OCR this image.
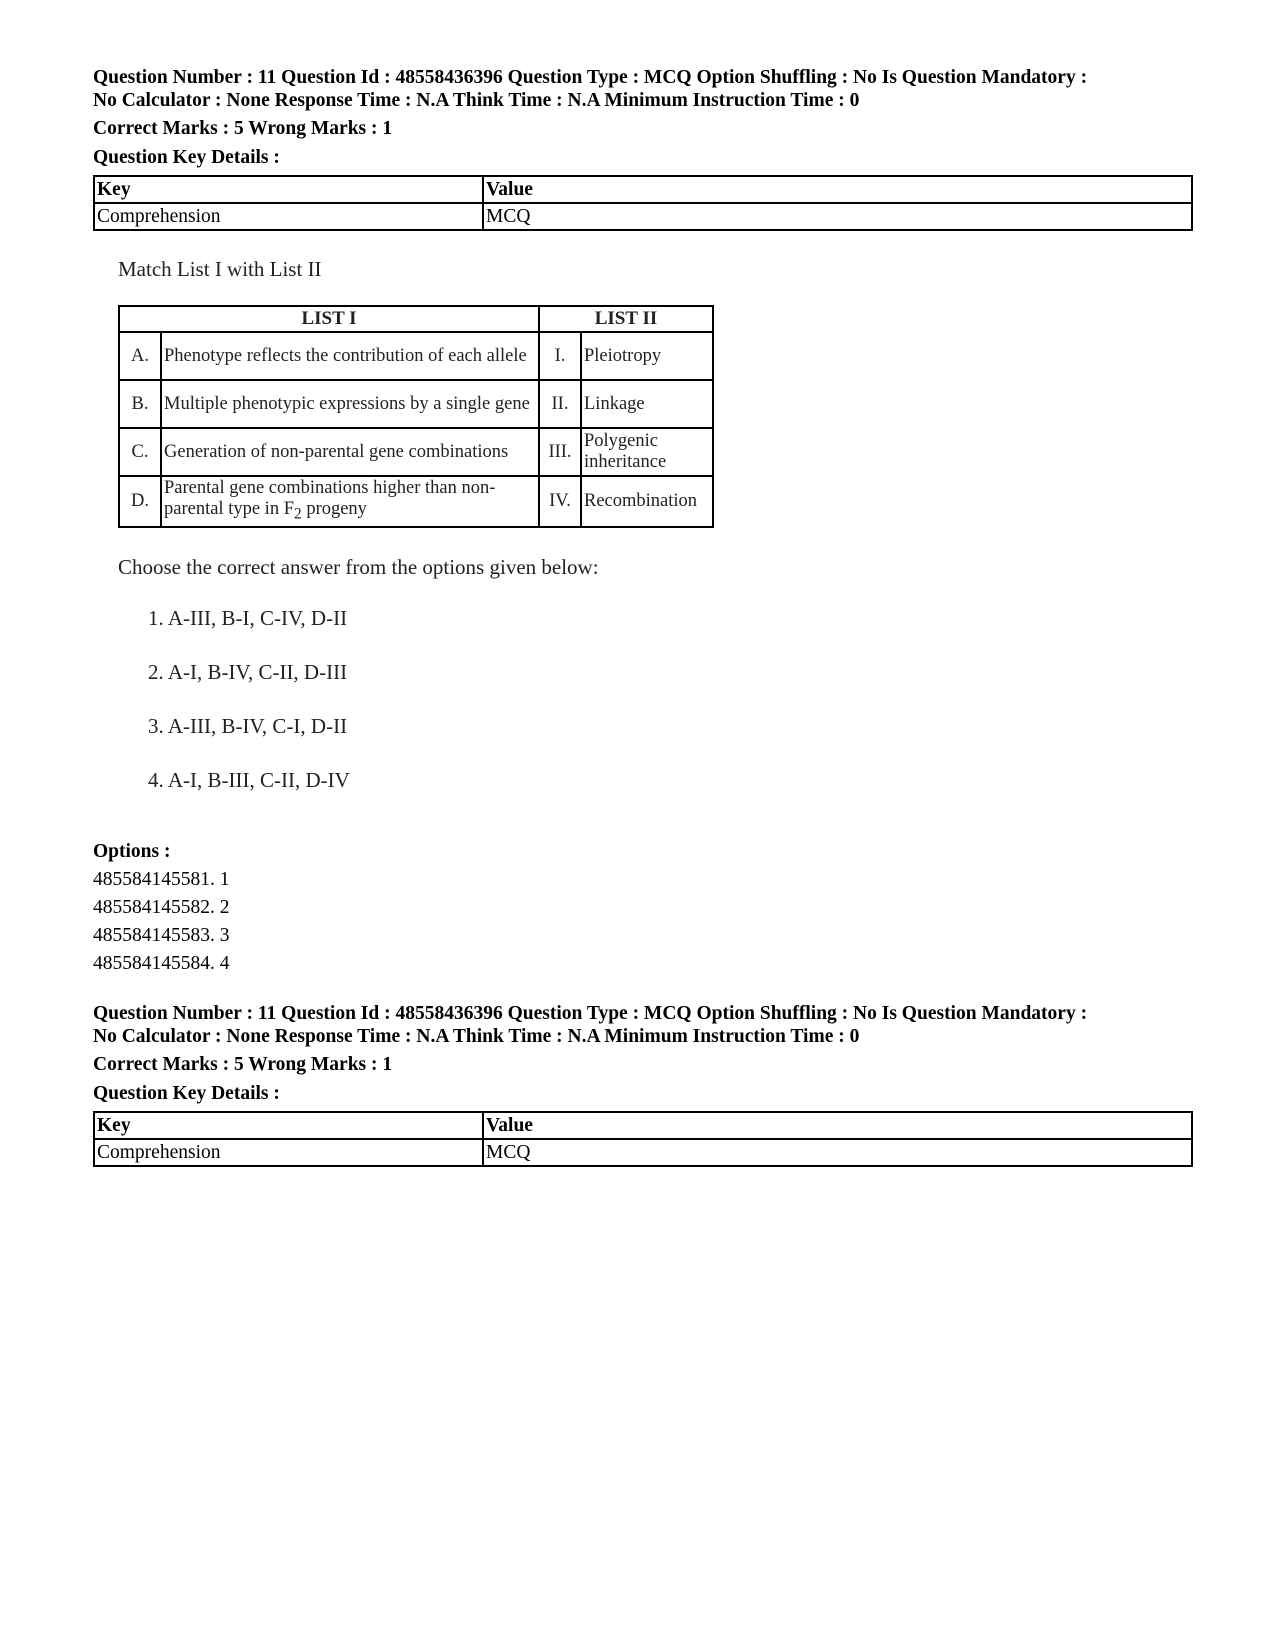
Question Number : 11 Question Id : 48558436396 Question Type : MCQ Option Shuffling : No Is Question Mandatory :

No Calculator : None Response Time : N.A Think Time : N.A Minimum Instruction Time : 0

Correct Marks : 5 Wrong Marks : 1

Question Key Details :

Key	Value
Comprehension	MCQ

Match List I with List II

LIST I		LIST II	
A.	Phenotype reflects the contribution of each allele	I.	Pleiotropy
B.	Multiple phenotypic expressions by a single gene	II.	Linkage
C.	Generation of non-parental gene combinations	III.	Polygenic inheritance
D.	Parental gene combinations higher than non-parental type in $F_2$ progeny	IV.	Recombination
Choose the correct answer from the options given below:
1. A-III, B-I, C-IV, D-II
2. A-I, B-IV, C-II, D-III
3. A-III, B-IV, C-I, D-II
4. A-I, B-III, C-II, D-IV
Options :
485584145581. 1
485584145582. 2
485584145583. 3
485584145584. 4

Question Number : 11 Question Id : 48558436396 Question Type : MCQ Option Shuffling : No Is Question Mandatory :

No Calculator : None Response Time : N.A Think Time : N.A Minimum Instruction Time : 0

Correct Marks : 5 Wrong Marks : 1

Question Key Details :

Key	Value
Comprehension	MCQ
